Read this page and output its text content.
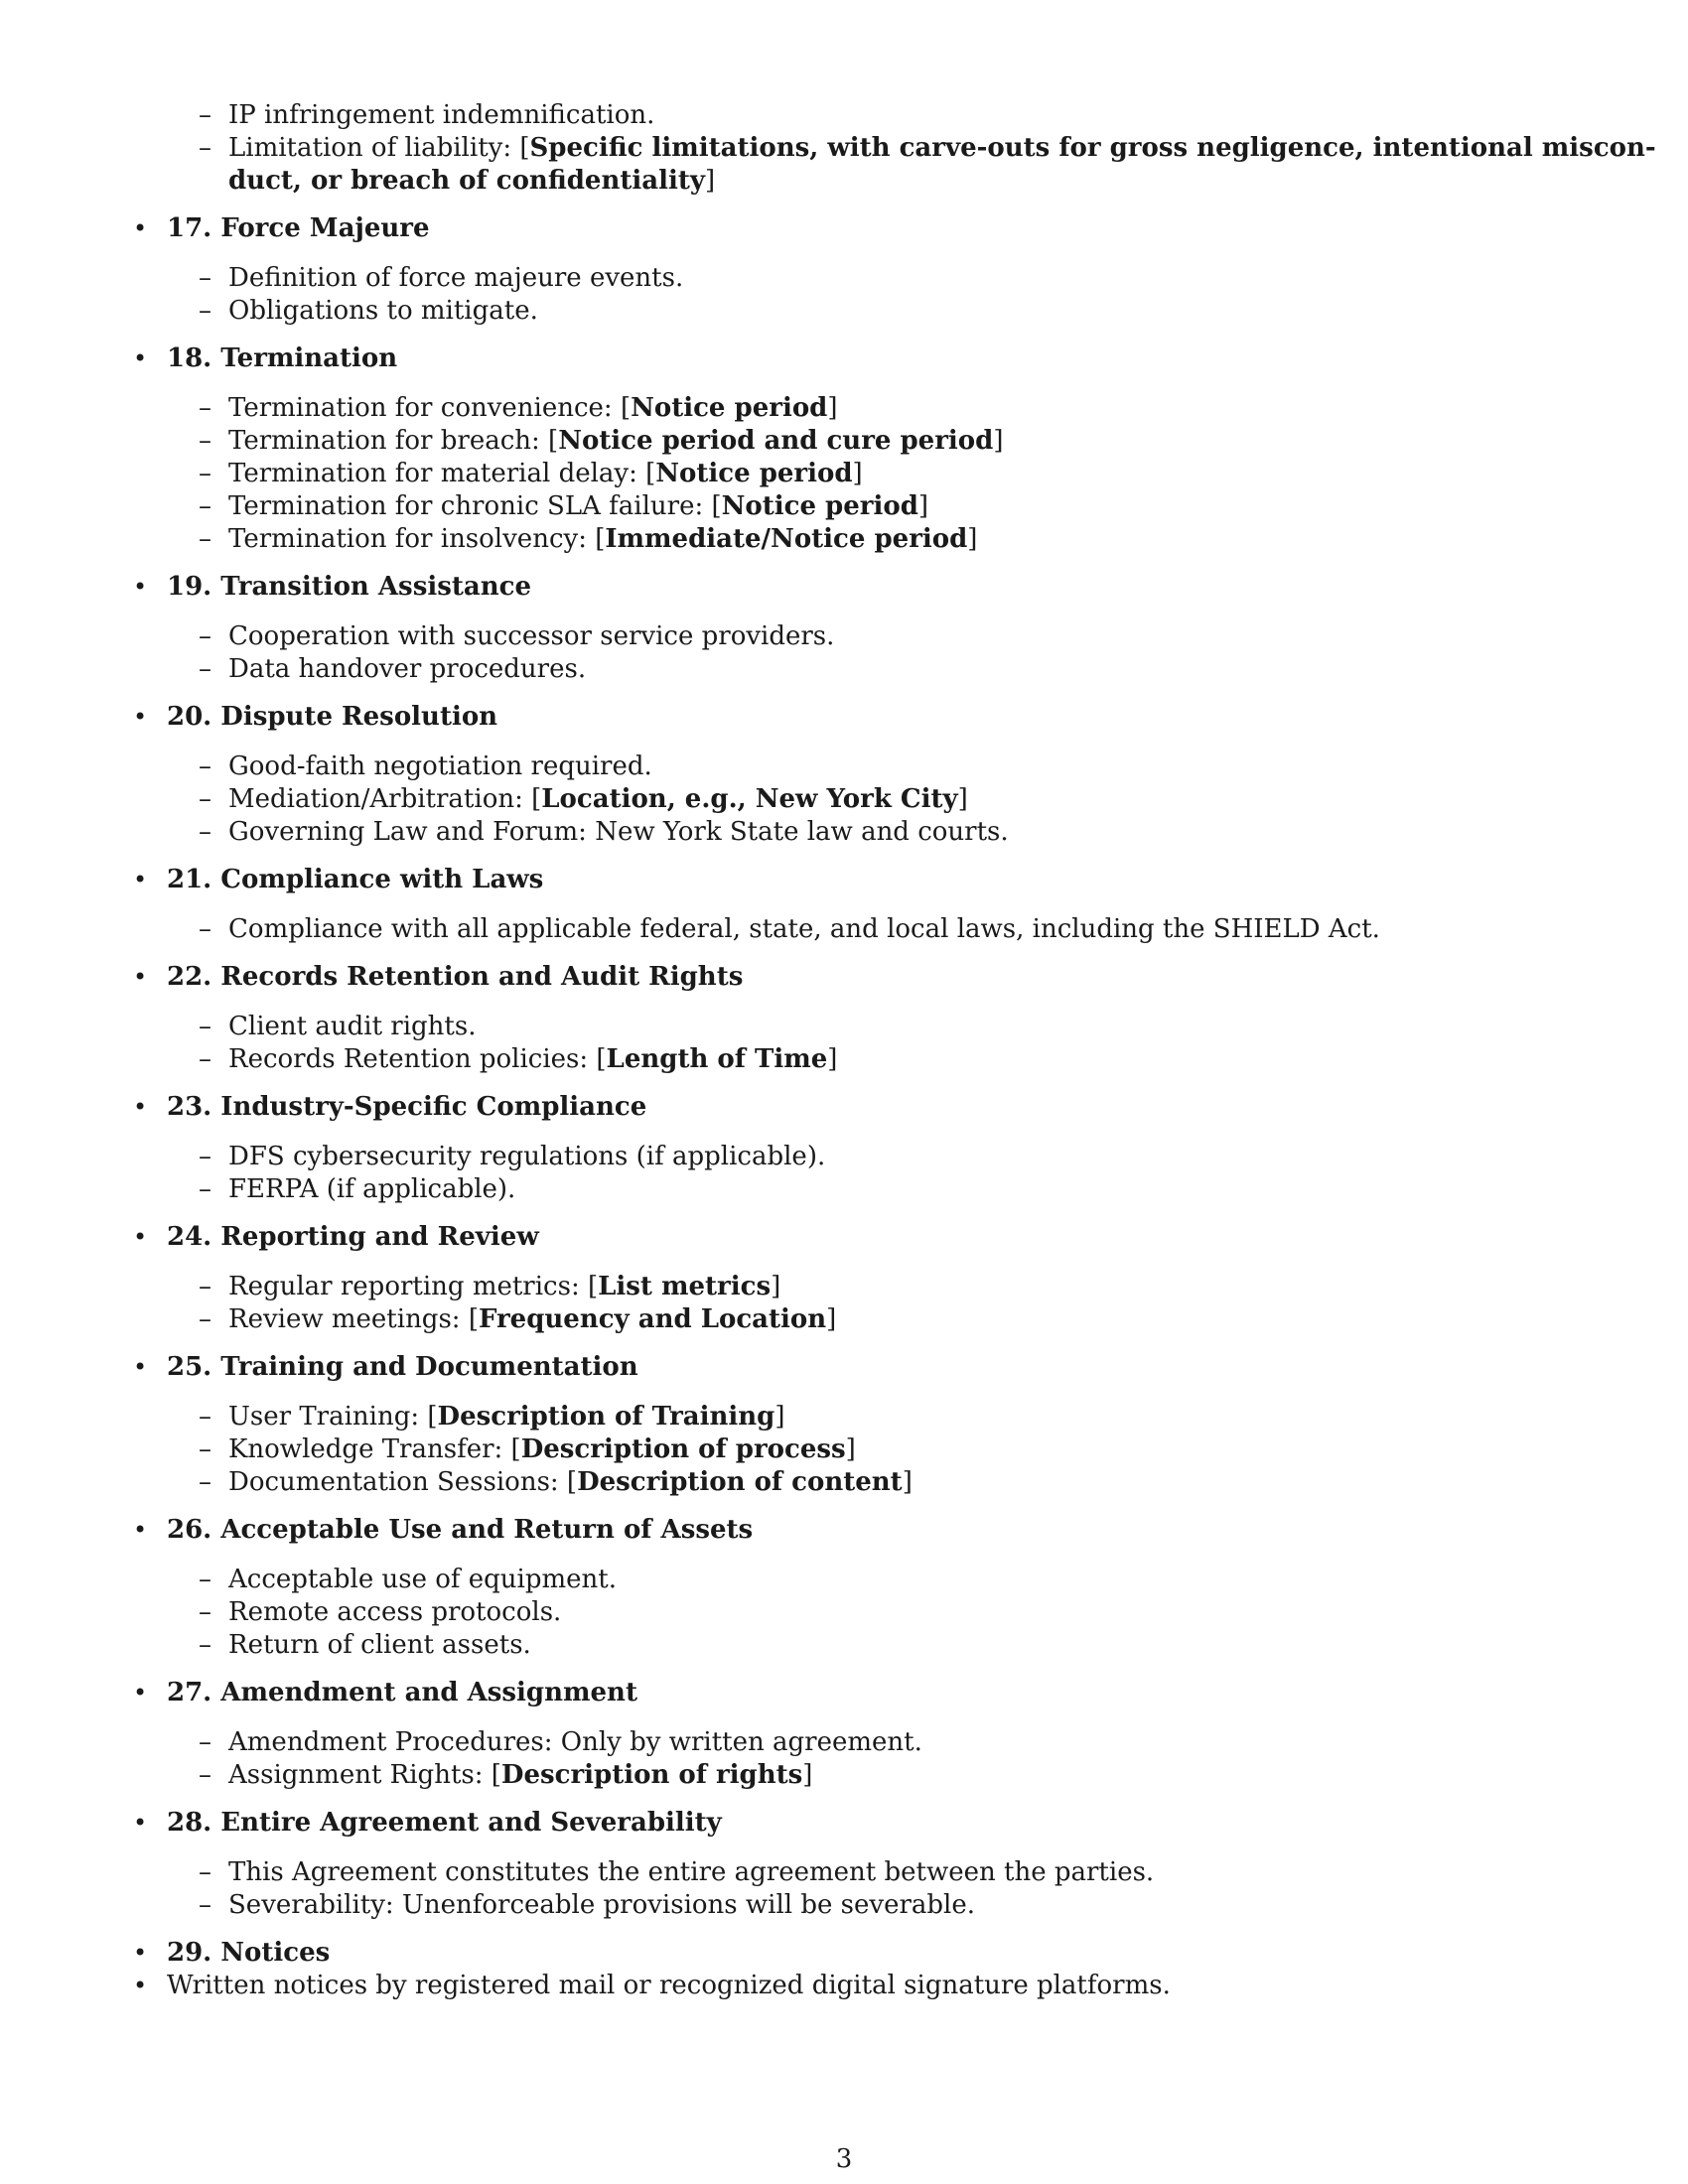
– IP infringement indemnification.
– Limitation of liability: [Specific limitations, with carve-outs for gross negligence, intentional miscon-
duct, or breach of confidentiality]
• 17. Force Majeure
– Definition of force majeure events.
– Obligations to mitigate.
• 18. Termination
– Termination for convenience: [Notice period]
– Termination for breach: [Notice period and cure period]
– Termination for material delay: [Notice period]
– Termination for chronic SLA failure: [Notice period]
– Termination for insolvency: [Immediate/Notice period]
• 19. Transition Assistance
– Cooperation with successor service providers.
– Data handover procedures.
• 20. Dispute Resolution
– Good-faith negotiation required.
– Mediation/Arbitration: [Location, e.g., New York City]
– Governing Law and Forum: New York State law and courts.
• 21. Compliance with Laws
– Compliance with all applicable federal, state, and local laws, including the SHIELD Act.
• 22. Records Retention and Audit Rights
– Client audit rights.
– Records Retention policies: [Length of Time]
• 23. Industry-Specific Compliance
– DFS cybersecurity regulations (if applicable).
– FERPA (if applicable).
• 24. Reporting and Review
– Regular reporting metrics: [List metrics]
– Review meetings: [Frequency and Location]
• 25. Training and Documentation
– User Training: [Description of Training]
– Knowledge Transfer: [Description of process]
– Documentation Sessions: [Description of content]
• 26. Acceptable Use and Return of Assets
– Acceptable use of equipment.
– Remote access protocols.
– Return of client assets.
• 27. Amendment and Assignment
– Amendment Procedures: Only by written agreement.
– Assignment Rights: [Description of rights]
• 28. Entire Agreement and Severability
– This Agreement constitutes the entire agreement between the parties.
– Severability: Unenforceable provisions will be severable.
• 29. Notices
• Written notices by registered mail or recognized digital signature platforms.
3
